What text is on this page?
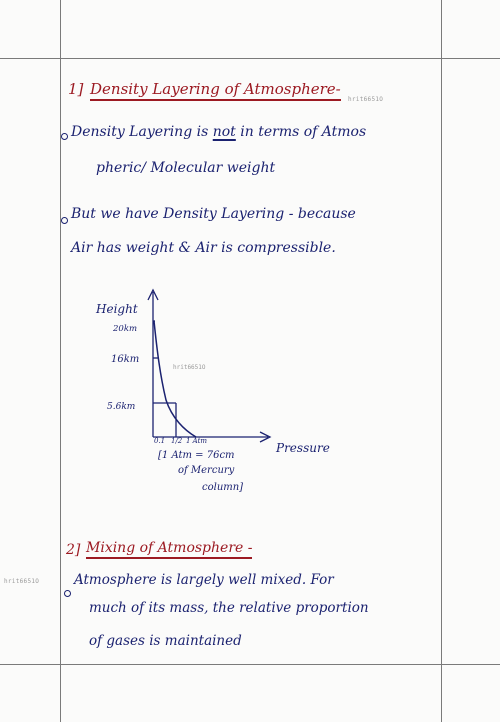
1] Density Layering of Atmosphere-
hrit6651O
Density Layering is not in terms of Atmos
pheric/ Molecular weight
But we have Density Layering - because
Air has weight & Air is compressible.
Height
20km
16km
5.6km
0.1 1/2 1 Atm	Pressure
[1 Atm = 76cm
of Mercury
column]
hrit6651O
2] Mixing of Atmosphere -
hrit6651O	Atmosphere is largely well mixed. For
much of its mass, the relative proportion
of gases is maintained
